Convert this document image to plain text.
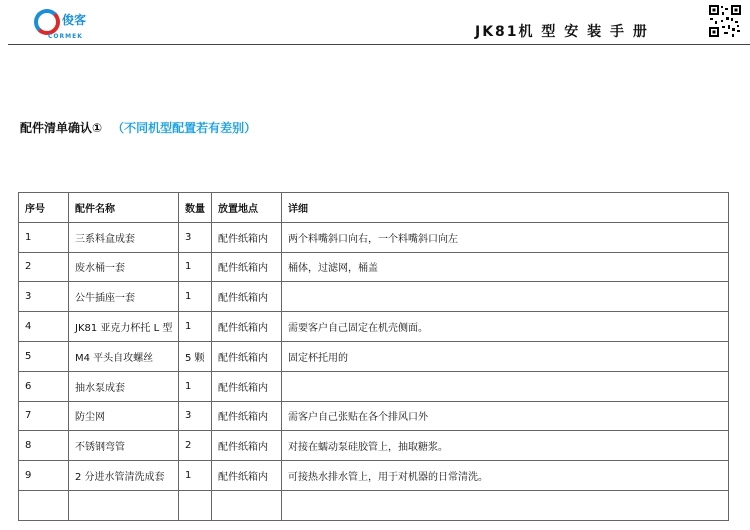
俊客
CORMEK	JK81机 型 安 装 手 册
配件清单确认① （不同机型配置若有差别）
序号	配件名称	数量	放置地点	详细
1	三系料盒成套	3	配件纸箱内	两个料嘴斜口向右，一个料嘴斜口向左
2	废水桶一套	1	配件纸箱内	桶体，过滤网，桶盖
3	公牛插座一套	1	配件纸箱内	
4	JK81 亚克力杯托 L 型	1	配件纸箱内	需要客户自己固定在机壳侧面。
5	M4 平头自攻螺丝	5 颗	配件纸箱内	固定杯托用的
6	抽水泵成套	1	配件纸箱内	
7	防尘网	3	配件纸箱内	需客户自己张贴在各个排风口外
8	不锈钢弯管	2	配件纸箱内	对接在蠕动泵硅胶管上，抽取糖浆。
9	2 分进水管清洗成套	1	配件纸箱内	可接热水排水管上，用于对机器的日常清洗。
